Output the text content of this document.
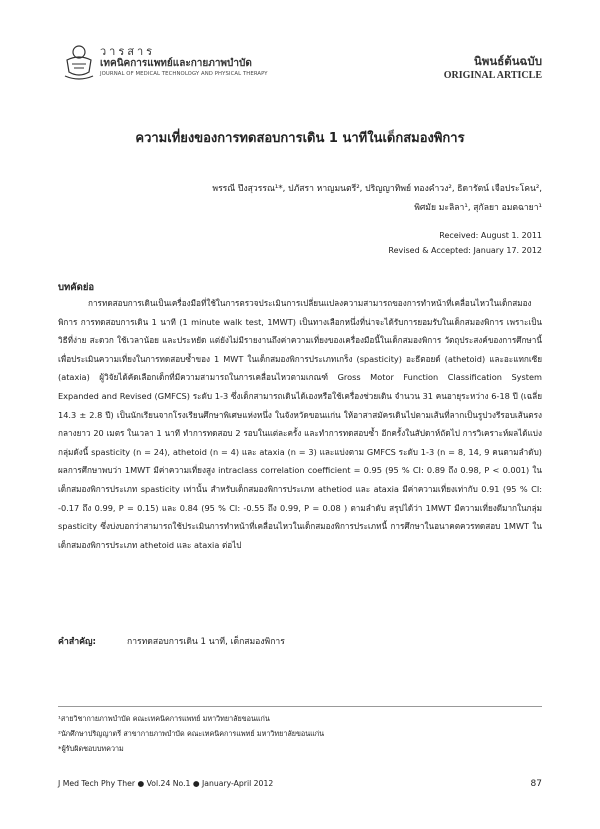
วารสาร
เทคนิคการแพทย์และกายภาพบำบัด
JOURNAL OF MEDICAL TECHNOLOGY AND PHYSICAL THERAPY
นิพนธ์ต้นฉบับ
ORIGINAL ARTICLE
ความเที่ยงของการทดสอบการเดิน 1 นาทีในเด็กสมองพิการ
พรรณี ปึงสุวรรณ¹*, ปภัสรา หาญมนตรี², ปริญญาทิพย์ ทองคำวง², ธิดารัตน์ เจือประโคน²,
พิศมัย มะลิลา¹, สุกัลยา อมตฉายา¹
Received: August 1. 2011
Revised & Accepted: January 17. 2012
บทคัดย่อ

การทดสอบการเดินเป็นเครื่องมือที่ใช้ในการตรวจประเมินการเปลี่ยนแปลงความสามารถของการทำหน้าที่เคลื่อนไหวในเด็กสมองพิการ การทดสอบการเดิน 1 นาที (1 minute walk test, 1MWT) เป็นทางเลือกหนึ่งที่น่าจะได้รับการยอมรับในเด็กสมองพิการ เพราะเป็นวิธีที่ง่าย สะดวก ใช้เวลาน้อย และประหยัด แต่ยังไม่มีรายงานถึงค่าความเที่ยงของเครื่องมือนี้ในเด็กสมองพิการ วัตถุประสงค์ของการศึกษานี้ เพื่อประเมินความเที่ยงในการทดสอบซ้ำของ 1 MWT ในเด็กสมองพิการประเภทเกร็ง (spasticity) อะธีตอยด์ (athetoid) และอะแทกเซีย (ataxia) ผู้วิจัยได้คัดเลือกเด็กที่มีความสามารถในการเคลื่อนไหวตามเกณฑ์ Gross Motor Function Classification System Expanded and Revised (GMFCS) ระดับ 1-3 ซึ่งเด็กสามารถเดินได้เองหรือใช้เครื่องช่วยเดิน จำนวน 31 คนอายุระหว่าง 6-18 ปี (เฉลี่ย 14.3 ± 2.8 ปี) เป็นนักเรียนจากโรงเรียนศึกษาพิเศษแห่งหนึ่ง ในจังหวัดขอนแก่น ให้อาสาสมัครเดินไปตามเส้นที่ลากเป็นรูปวงรีรอบเส้นตรงกลางยาว 20 เมตร ในเวลา 1 นาที ทำการทดสอบ 2 รอบในแต่ละครั้ง และทำการทดสอบซ้ำ อีกครั้งในสัปดาห์ถัดไป การวิเคราะห์ผลได้แบ่งกลุ่มดังนี้ spasticity (n = 24), athetoid (n = 4) และ ataxia (n = 3) และแบ่งตาม GMFCS ระดับ 1-3 (n = 8, 14, 9 คนตามลำดับ) ผลการศึกษาพบว่า 1MWT มีค่าความเที่ยงสูง intraclass correlation coefficient = 0.95 (95 % CI: 0.89 ถึง 0.98, P < 0.001) ในเด็กสมองพิการประเภท spasticity เท่านั้น สำหรับเด็กสมองพิการประเภท athetiod และ ataxia มีค่าความเที่ยงเท่ากับ 0.91 (95 % CI: -0.17 ถึง 0.99, P = 0.15) และ 0.84 (95 % CI: -0.55 ถึง 0.99, P = 0.08 ) ตามลำดับ สรุปได้ว่า 1MWT มีความเที่ยงดีมากในกลุ่ม spasticity ซึ่งบ่งบอกว่าสามารถใช้ประเมินการทำหน้าที่เคลื่อนไหวในเด็กสมองพิการประเภทนี้ การศึกษาในอนาคตควรทดสอบ 1MWT ในเด็กสมองพิการประเภท athetoid และ ataxia ต่อไป

คำสำคัญ:	การทดสอบการเดิน 1 นาที, เด็กสมองพิการ
¹สายวิชากายภาพบำบัด คณะเทคนิคการแพทย์ มหาวิทยาลัยขอนแก่น
²นักศึกษาปริญญาตรี สาขากายภาพบำบัด คณะเทคนิคการแพทย์ มหาวิทยาลัยขอนแก่น
*ผู้รับผิดชอบบทความ
J Med Tech Phy Ther ● Vol.24 No.1 ● January-April 2012	87
